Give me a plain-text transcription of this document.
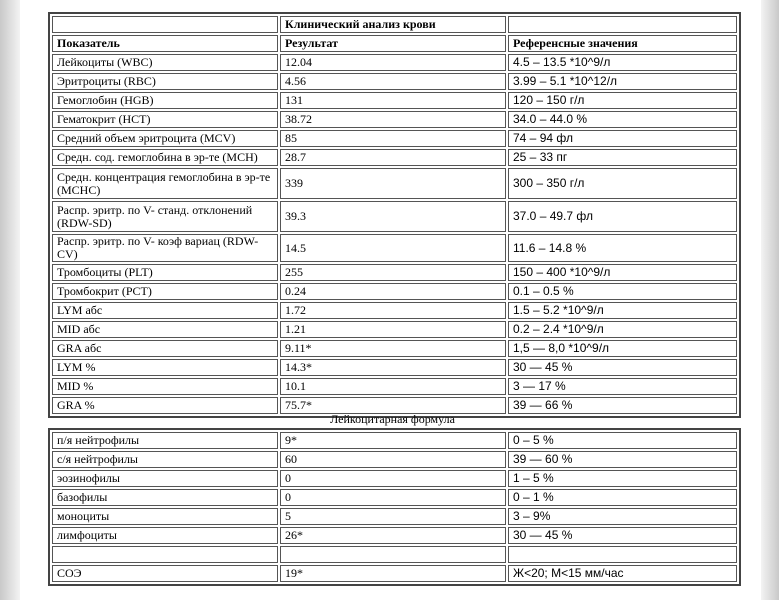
	Клинический анализ крови	
Показатель	Результат	Референсные значения
Лейкоциты (WBC)	12.04	4.5 – 13.5 *10^9/л
Эритроциты (RBC)	4.56	3.99 – 5.1 *10^12/л
Гемоглобин (HGB)	131	120 – 150 г/л
Гематокрит (HCT)	38.72	34.0 – 44.0 %
Средний объем эритроцита (MCV)	85	74 – 94 фл
Средн. сод. гемоглобина в эр-те (MCH)	28.7	25 – 33 пг
Средн. концентрация гемоглобина в эр-те (MCHC)	339	300 – 350 г/л
Распр. эритр. по V- станд. отклонений (RDW-SD)	39.3	37.0 – 49.7 фл
Распр. эритр. по V- коэф вариац (RDW-CV)	14.5	11.6 – 14.8 %
Тромбоциты (PLT)	255	150 – 400 *10^9/л
Тромбокрит (PCT)	0.24	0.1 – 0.5 %
LYM абс	1.72	1.5 – 5.2 *10^9/л
MID абс	1.21	0.2 – 2.4 *10^9/л
GRA абс	9.11*	1,5 — 8,0 *10^9/л
LYM %	14.3*	30 — 45 %
MID %	10.1	3 — 17 %
GRA %	75.7*	39 — 66 %
Лейкоцитарная формула
п/я нейтрофилы	9*	0 – 5 %
с/я нейтрофилы	60	39 — 60 %
эозинофилы	0	1 – 5 %
базофилы	0	0 – 1 %
моноциты	5	3 – 9%
лимфоциты	26*	30 — 45 %

СОЭ	19*	Ж<20; М<15 мм/час
